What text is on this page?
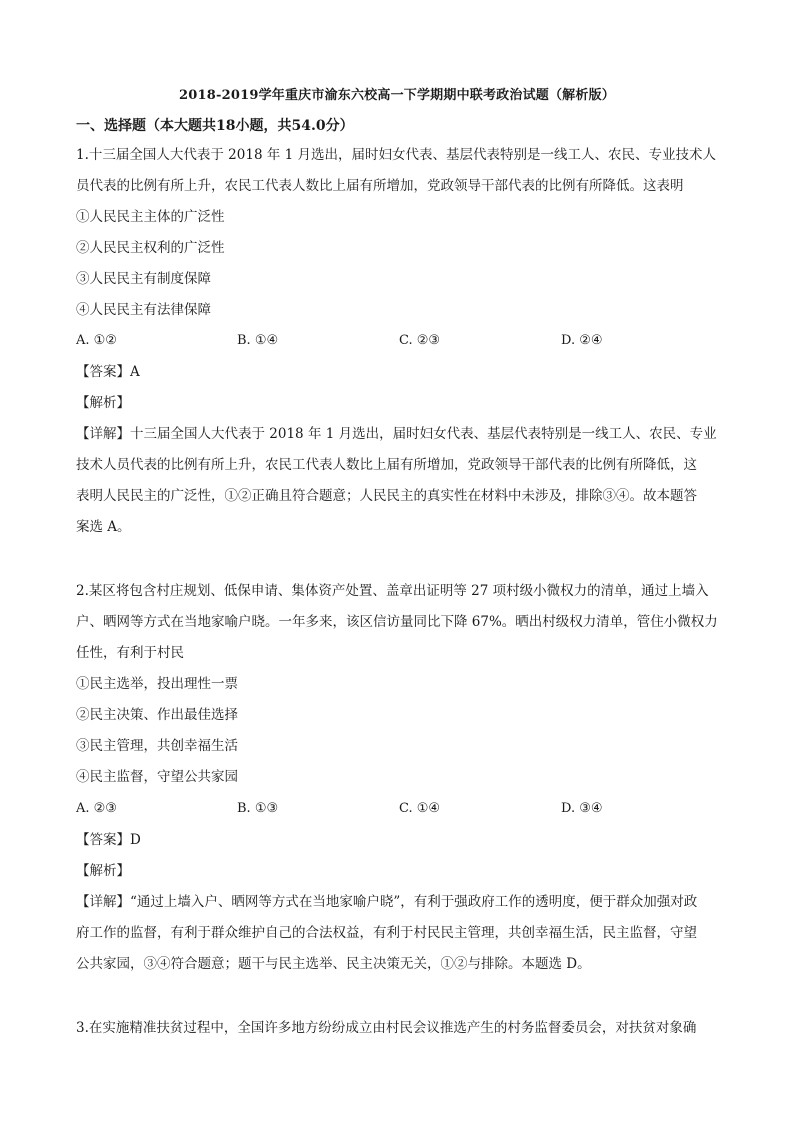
2018-2019学年重庆市渝东六校高一下学期期中联考政治试题（解析版）
一、选择题（本大题共18小题，共54.0分）
1.十三届全国人大代表于 2018 年 1 月选出，届时妇女代表、基层代表特别是一线工人、农民、专业技术人
员代表的比例有所上升，农民工代表人数比上届有所增加，党政领导干部代表的比例有所降低。这表明
①人民民主主体的广泛性
②人民民主权利的广泛性
③人民民主有制度保障
④人民民主有法律保障
A. ①②	B. ①④	C. ②③	D. ②④
【答案】A
【解析】
【详解】十三届全国人大代表于 2018 年 1 月选出，届时妇女代表、基层代表特别是一线工人、农民、专业
技术人员代表的比例有所上升，农民工代表人数比上届有所增加，党政领导干部代表的比例有所降低，这
表明人民民主的广泛性，①②正确且符合题意；人民民主的真实性在材料中未涉及，排除③④。故本题答
案选 A。
2.某区将包含村庄规划、低保申请、集体资产处置、盖章出证明等 27 项村级小微权力的清单，通过上墙入
户、晒网等方式在当地家喻户晓。一年多来，该区信访量同比下降 67%。晒出村级权力清单，管住小微权力
任性，有利于村民
①民主选举，投出理性一票
②民主决策、作出最佳选择
③民主管理，共创幸福生活
④民主监督，守望公共家园
A. ②③	B. ①③	C. ①④	D. ③④
【答案】D
【解析】
【详解】“通过上墙入户、晒网等方式在当地家喻户晓”，有利于强政府工作的透明度，便于群众加强对政
府工作的监督，有利于群众维护自己的合法权益，有利于村民民主管理，共创幸福生活，民主监督，守望
公共家园，③④符合题意；题干与民主选举、民主决策无关，①②与排除。本题选 D。
3.在实施精准扶贫过程中，全国许多地方纷纷成立由村民会议推选产生的村务监督委员会，对扶贫对象确
